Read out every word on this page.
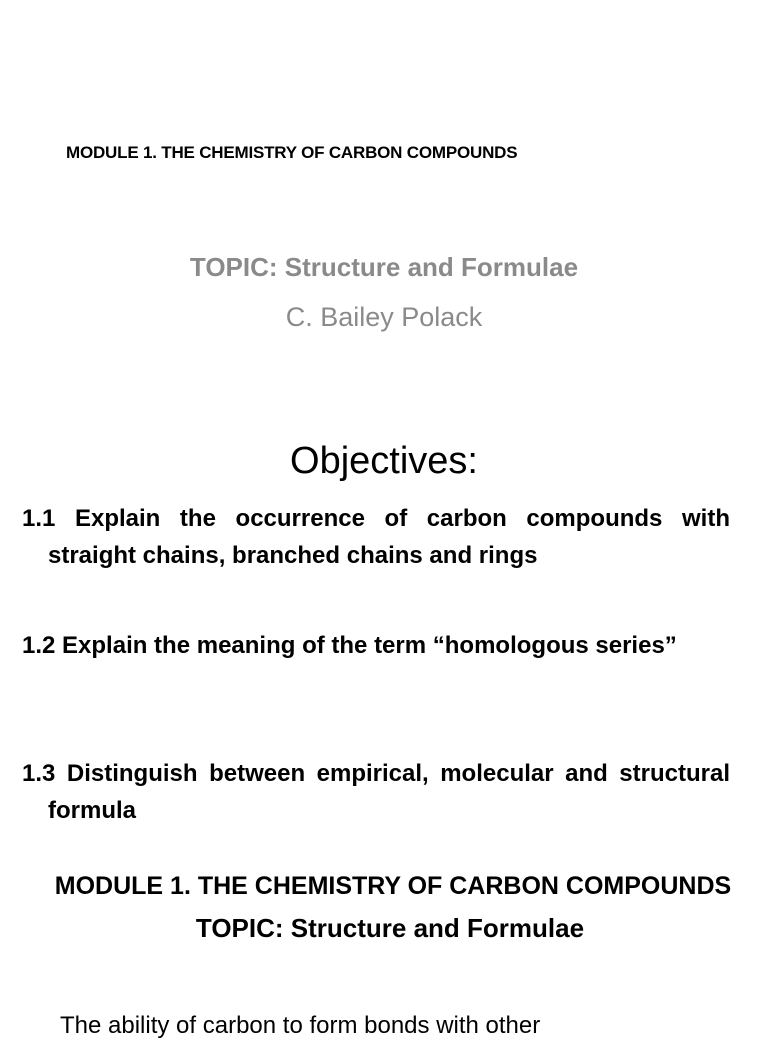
MODULE 1. THE CHEMISTRY OF CARBON COMPOUNDS
TOPIC: Structure and Formulae
C. Bailey Polack
Objectives:
1.1 Explain the occurrence of carbon compounds with straight chains, branched chains and rings
1.2 Explain the meaning of the term “homologous series”
1.3 Distinguish between empirical, molecular and structural formula
MODULE 1. THE CHEMISTRY OF CARBON COMPOUNDS
TOPIC: Structure and Formulae
The ability of carbon to form bonds with other
